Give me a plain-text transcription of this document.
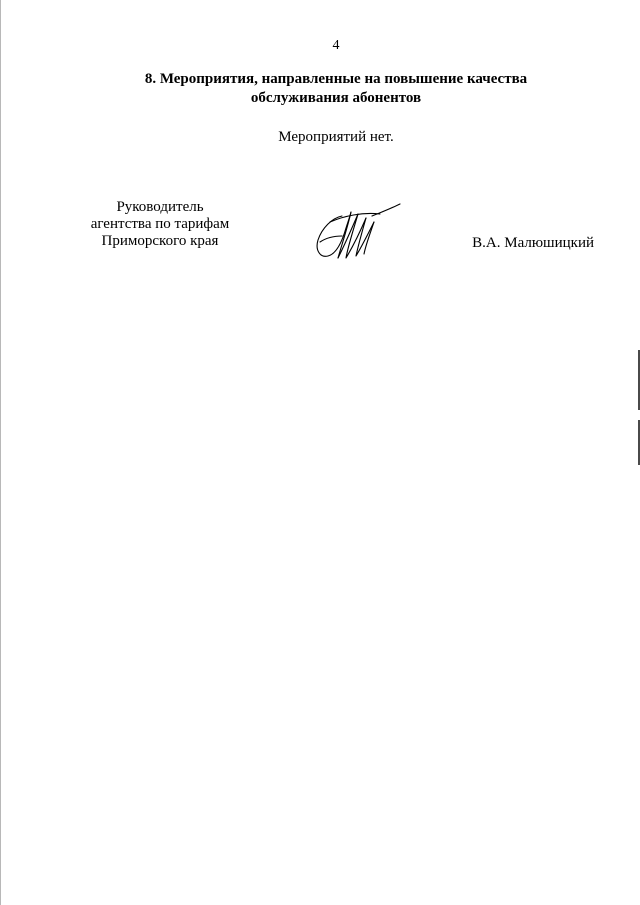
4
8. Мероприятия, направленные на повышение качества
обслуживания абонентов
Мероприятий нет.
Руководитель
агентства по тарифам
Приморского края	В.А. Малюшицкий
